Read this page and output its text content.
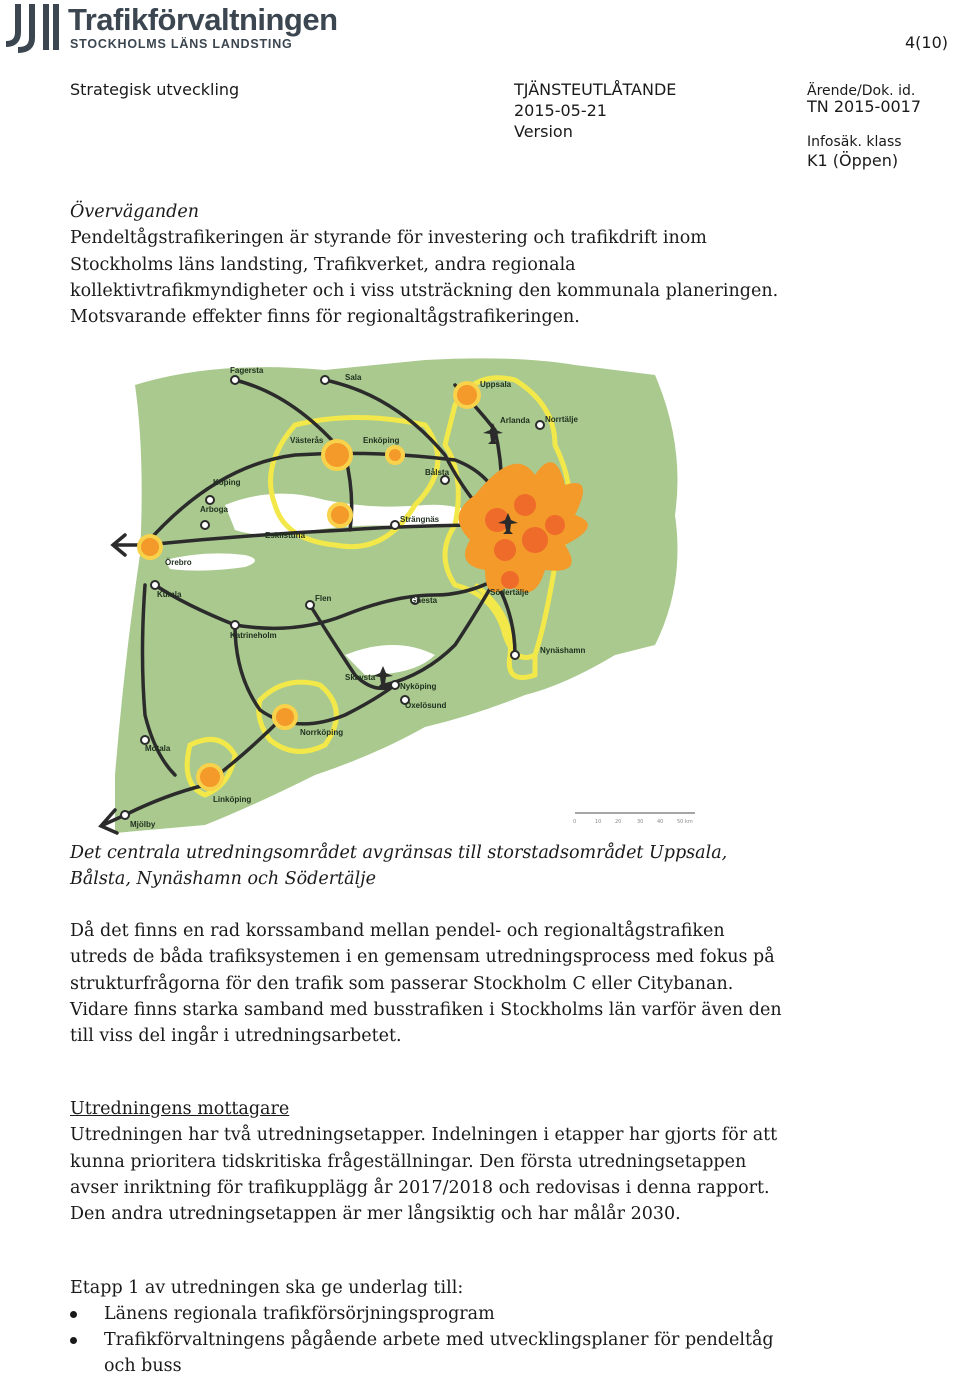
Trafikförvaltningen
STOCKHOLMS LÄNS LANDSTING	4(10)
Strategisk utveckling	TJÄNSTEUTLÅTANDE
2015-05-21
Version
Ärende/Dok. id.
TN 2015-0017
Infosäk. klass
K1 (Öppen)
Överväganden
Pendeltågstrafikeringen är styrande för investering och trafikdrift inom
Stockholms läns landsting, Trafikverket, andra regionala
kollektivtrafikmyndigheter och i viss utsträckning den kommunala planeringen.
Motsvarande effekter finns för regionaltågstrafikeringen.
Fagersta
Sala
Uppsala
Arlanda Norrtälje
Västerås	Enköping
Bålsta
Köping
Arboga
Strängnäs
Eskilstuna
Örebro
Södertälje
Kumla	Flen	Gnesta
Katrineholm
Nynäshamn
Skavsta
Nyköping
Oxelösund
Norrköping
Motala
Linköping
Mjölby	0	10	20	30	40	50 km
Det centrala utredningsområdet avgränsas till storstadsområdet Uppsala,
Bålsta, Nynäshamn och Södertälje
Då det finns en rad korssamband mellan pendel- och regionaltågstrafiken
utreds de båda trafiksystemen i en gemensam utredningsprocess med fokus på
strukturfrågorna för den trafik som passerar Stockholm C eller Citybanan.
Vidare finns starka samband med busstrafiken i Stockholms län varför även den
till viss del ingår i utredningsarbetet.
Utredningens mottagare
Utredningen har två utredningsetapper. Indelningen i etapper har gjorts för att
kunna prioritera tidskritiska frågeställningar. Den första utredningsetappen
avser inriktning för trafikupplägg år 2017/2018 och redovisas i denna rapport.
Den andra utredningsetappen är mer långsiktig och har målår 2030.
Etapp 1 av utredningen ska ge underlag till:
Länens regionala trafikförsörjningsprogram
Trafikförvaltningens pågående arbete med utvecklingsplaner för pendeltåg
och buss
